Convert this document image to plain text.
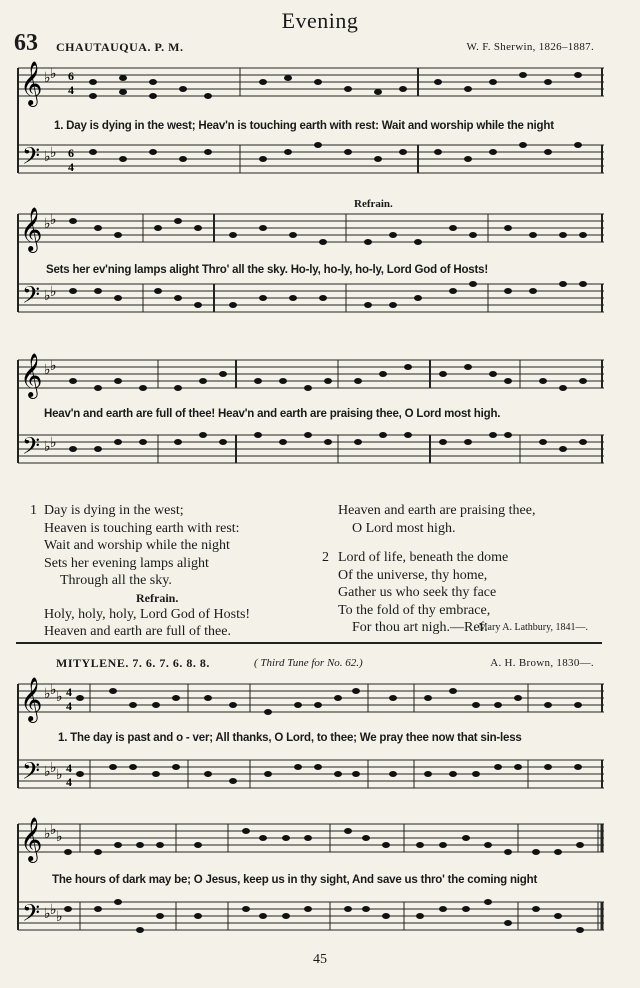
Evening
63 CHAUTAUQUA. P. M.	W. F. Sherwin, 1826–1887.
𝄞
𝄢
♭ ♭
♭ ♭
6
4
6
4
1. Day is dying in the west; Heav'n is touching earth with rest: Wait and worship while the night
Refrain.
𝄞
𝄢
♭ ♭
♭ ♭
Sets her ev'ning lamps alight Thro' all the sky. Ho-ly, ho-ly, ho-ly, Lord God of Hosts!
𝄞
𝄢
♭ ♭
♭ ♭
Heav'n and earth are full of thee! Heav'n and earth are praising thee, O Lord most high.
1 Day is dying in the west;
Heaven is touching earth with rest:
Wait and worship while the night
Sets her evening lamps alight
Through all the sky.
Refrain.
Holy, holy, holy, Lord God of Hosts!
Heaven and earth are full of thee.
Heaven and earth are praising thee,
O Lord most high.
2 Lord of life, beneath the dome
Of the universe, thy home,
Gather us who seek thy face
To the fold of thy embrace,
For thou art nigh.—Ref.
Mary A. Lathbury, 1841—.
MITYLENE. 7. 6. 7. 6. 8. 8.	( Third Tune for No. 62.)	A. H. Brown, 1830—.
𝄞
𝄢
♭ ♭ ♭
♭ ♭ ♭
4
4
4
4
1. The day is past and o - ver; All thanks, O Lord, to thee; We pray thee now that sin-less
𝄞
𝄢
♭ ♭ ♭
♭ ♭ ♭
The hours of dark may be; O Jesus, keep us in thy sight, And save us thro' the coming night
45
